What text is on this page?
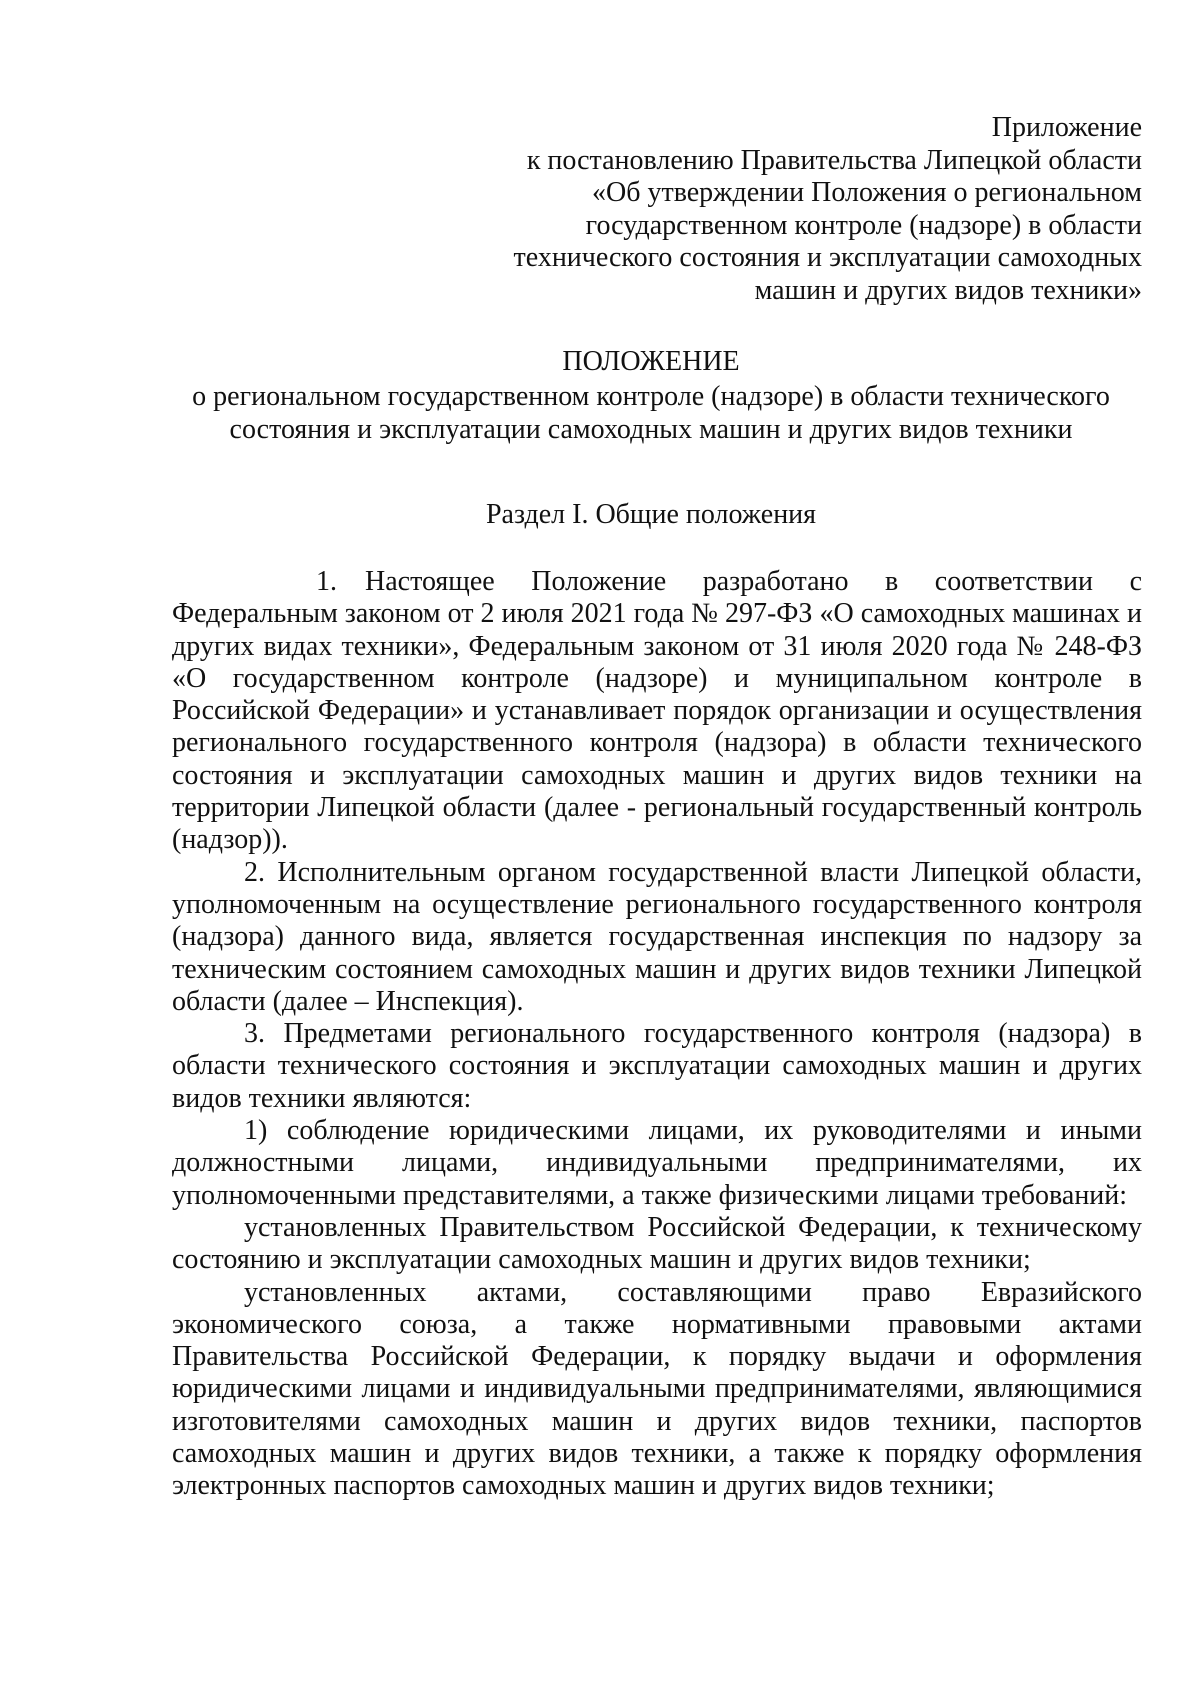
Приложение
к постановлению Правительства Липецкой области
«Об утверждении Положения о региональном
государственном контроле (надзоре) в области
технического состояния и эксплуатации самоходных
машин и других видов техники»
ПОЛОЖЕНИЕ
о региональном государственном контроле (надзоре) в области технического
состояния и эксплуатации самоходных машин и других видов техники
Раздел I. Общие положения

1. Настоящее Положение разработано в соответствии с Федеральным законом от 2 июля 2021 года № 297-ФЗ «О самоходных машинах и других видах техники», Федеральным законом от 31 июля 2020 года № 248-ФЗ «О государственном контроле (надзоре) и муниципальном контроле в Российской Федерации» и устанавливает порядок организации и осуществления регионального государственного контроля (надзора) в области технического состояния и эксплуатации самоходных машин и других видов техники на территории Липецкой области (далее - региональный государственный контроль (надзор)).

2. Исполнительным органом государственной власти Липецкой области, уполномоченным на осуществление регионального государственного контроля (надзора) данного вида, является государственная инспекция по надзору за техническим состоянием самоходных машин и других видов техники Липецкой области (далее – Инспекция).

3. Предметами регионального государственного контроля (надзора) в области технического состояния и эксплуатации самоходных машин и других видов техники являются:

1) соблюдение юридическими лицами, их руководителями и иными должностными лицами, индивидуальными предпринимателями, их уполномоченными представителями, а также физическими лицами требований:

установленных Правительством Российской Федерации, к техническому состоянию и эксплуатации самоходных машин и других видов техники;

установленных актами, составляющими право Евразийского экономического союза, а также нормативными правовыми актами Правительства Российской Федерации, к порядку выдачи и оформления юридическими лицами и индивидуальными предпринимателями, являющимися изготовителями самоходных машин и других видов техники, паспортов самоходных машин и других видов техники, а также к порядку оформления электронных паспортов самоходных машин и других видов техники;
